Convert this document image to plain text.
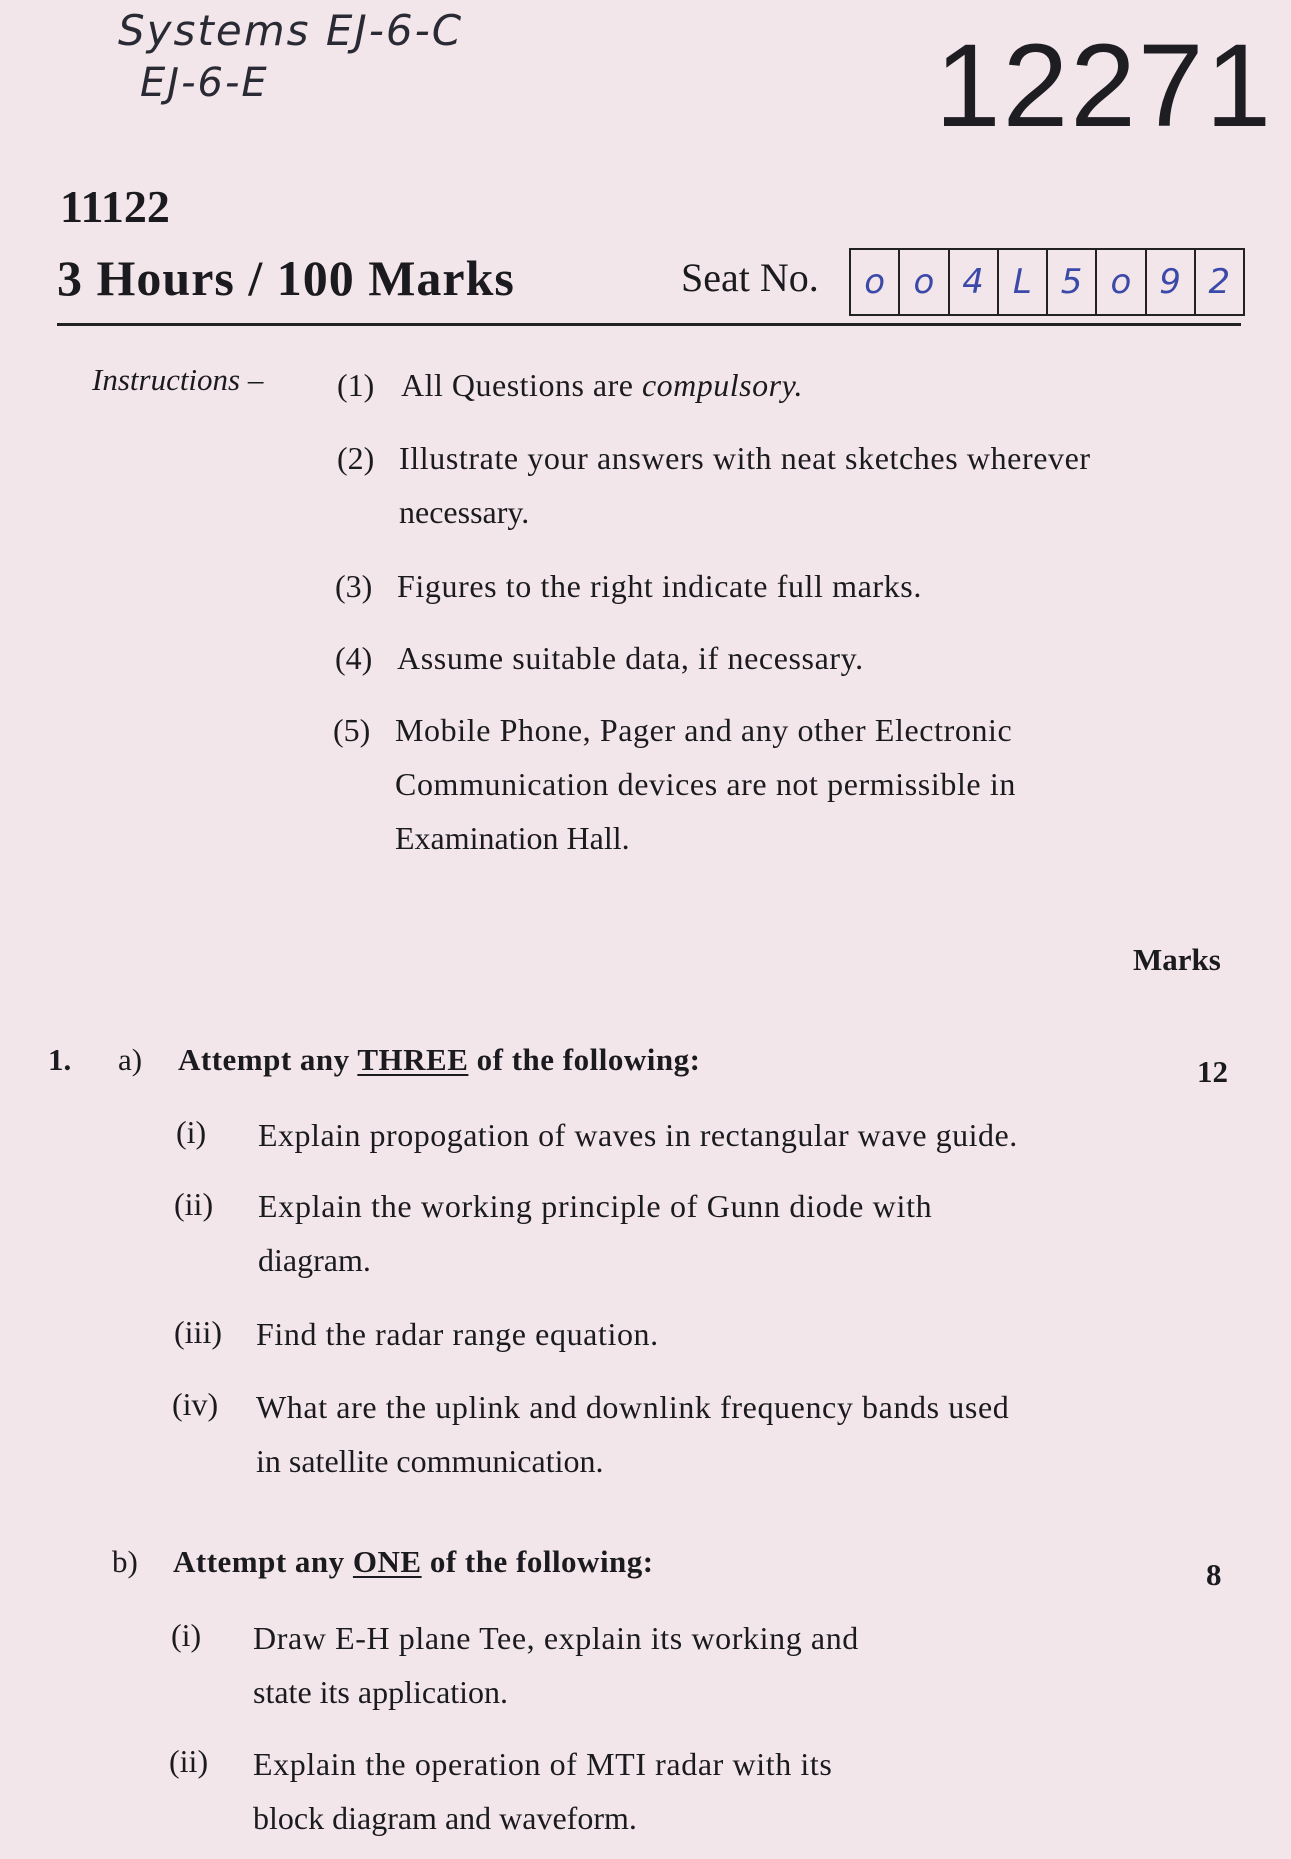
Systems EJ-6-C
EJ-6-E	12271
11122
3 Hours / 100 Marks	Seat No.	o o 4 L 5 o 9 2
Instructions – (1) All Questions are compulsory.
(2) Illustrate your answers with neat sketches wherever
necessary.
(3) Figures to the right indicate full marks.
(4) Assume suitable data, if necessary.
(5) Mobile Phone, Pager and any other Electronic
Communication devices are not permissible in
Examination Hall.
Marks
1. a) Attempt any THREE of the following:	12
(i) Explain propogation of waves in rectangular wave guide.
(ii) Explain the working principle of Gunn diode with
diagram.
(iii) Find the radar range equation.
(iv) What are the uplink and downlink frequency bands used
in satellite communication.
b) Attempt any ONE of the following:	8
(i) Draw E-H plane Tee, explain its working and
state its application.
(ii) Explain the operation of MTI radar with its
block diagram and waveform.
